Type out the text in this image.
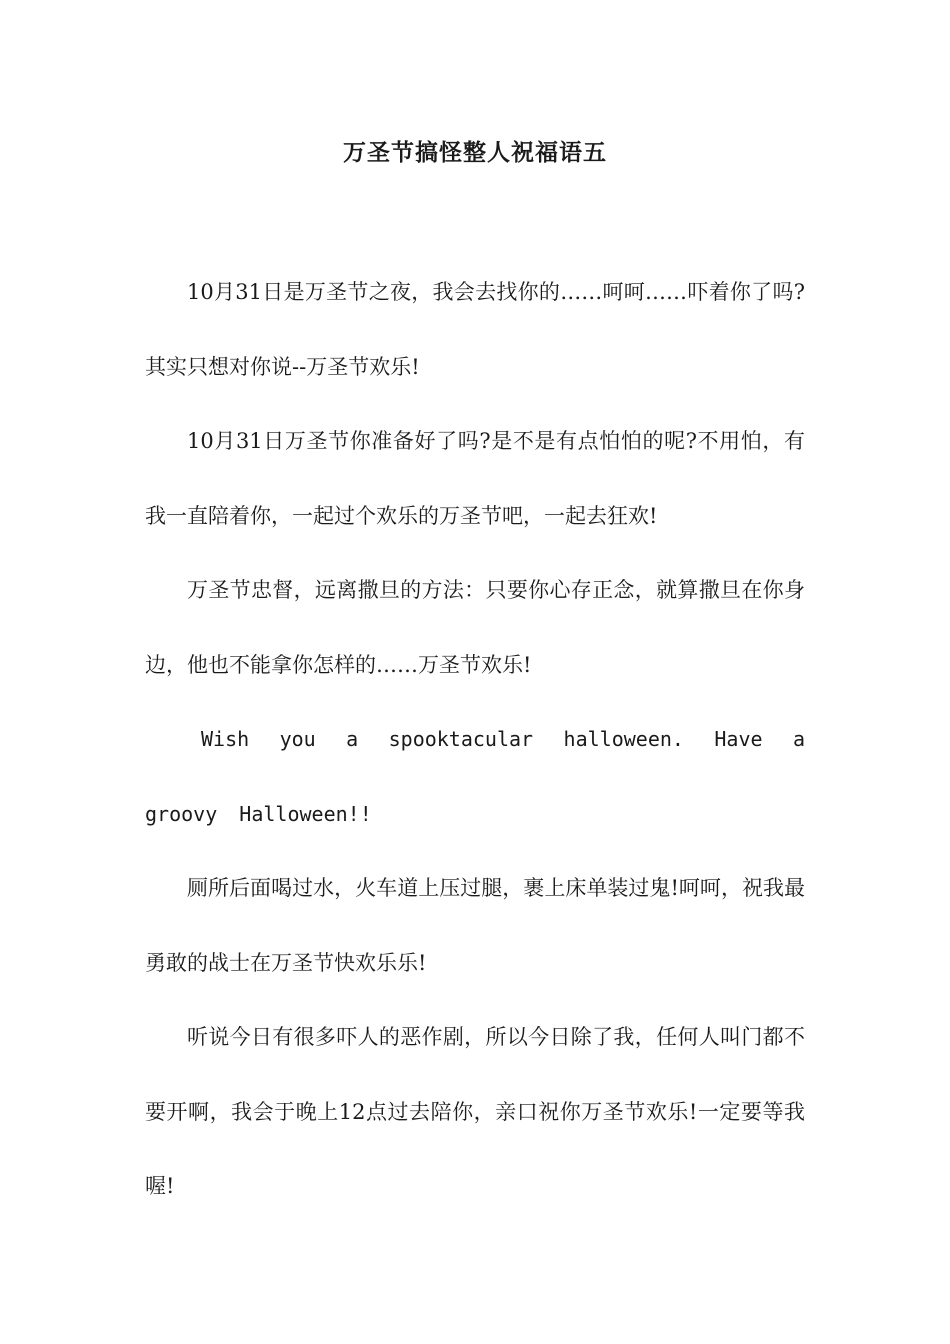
万圣节搞怪整人祝福语五

10月31日是万圣节之夜，我会去找你的……呵呵……吓着你了吗?其实只想对你说--万圣节欢乐!

10月31日万圣节你准备好了吗?是不是有点怕怕的呢?不用怕，有我一直陪着你，一起过个欢乐的万圣节吧，一起去狂欢!

万圣节忠督，远离撒旦的方法：只要你心存正念，就算撒旦在你身边，他也不能拿你怎样的……万圣节欢乐!

Wish you a spooktacular halloween. Have a groovy Halloween!!

厕所后面喝过水，火车道上压过腿，裹上床单装过鬼!呵呵，祝我最勇敢的战士在万圣节快欢乐乐!

听说今日有很多吓人的恶作剧，所以今日除了我，任何人叫门都不要开啊，我会于晚上12点过去陪你，亲口祝你万圣节欢乐!一定要等我喔!
